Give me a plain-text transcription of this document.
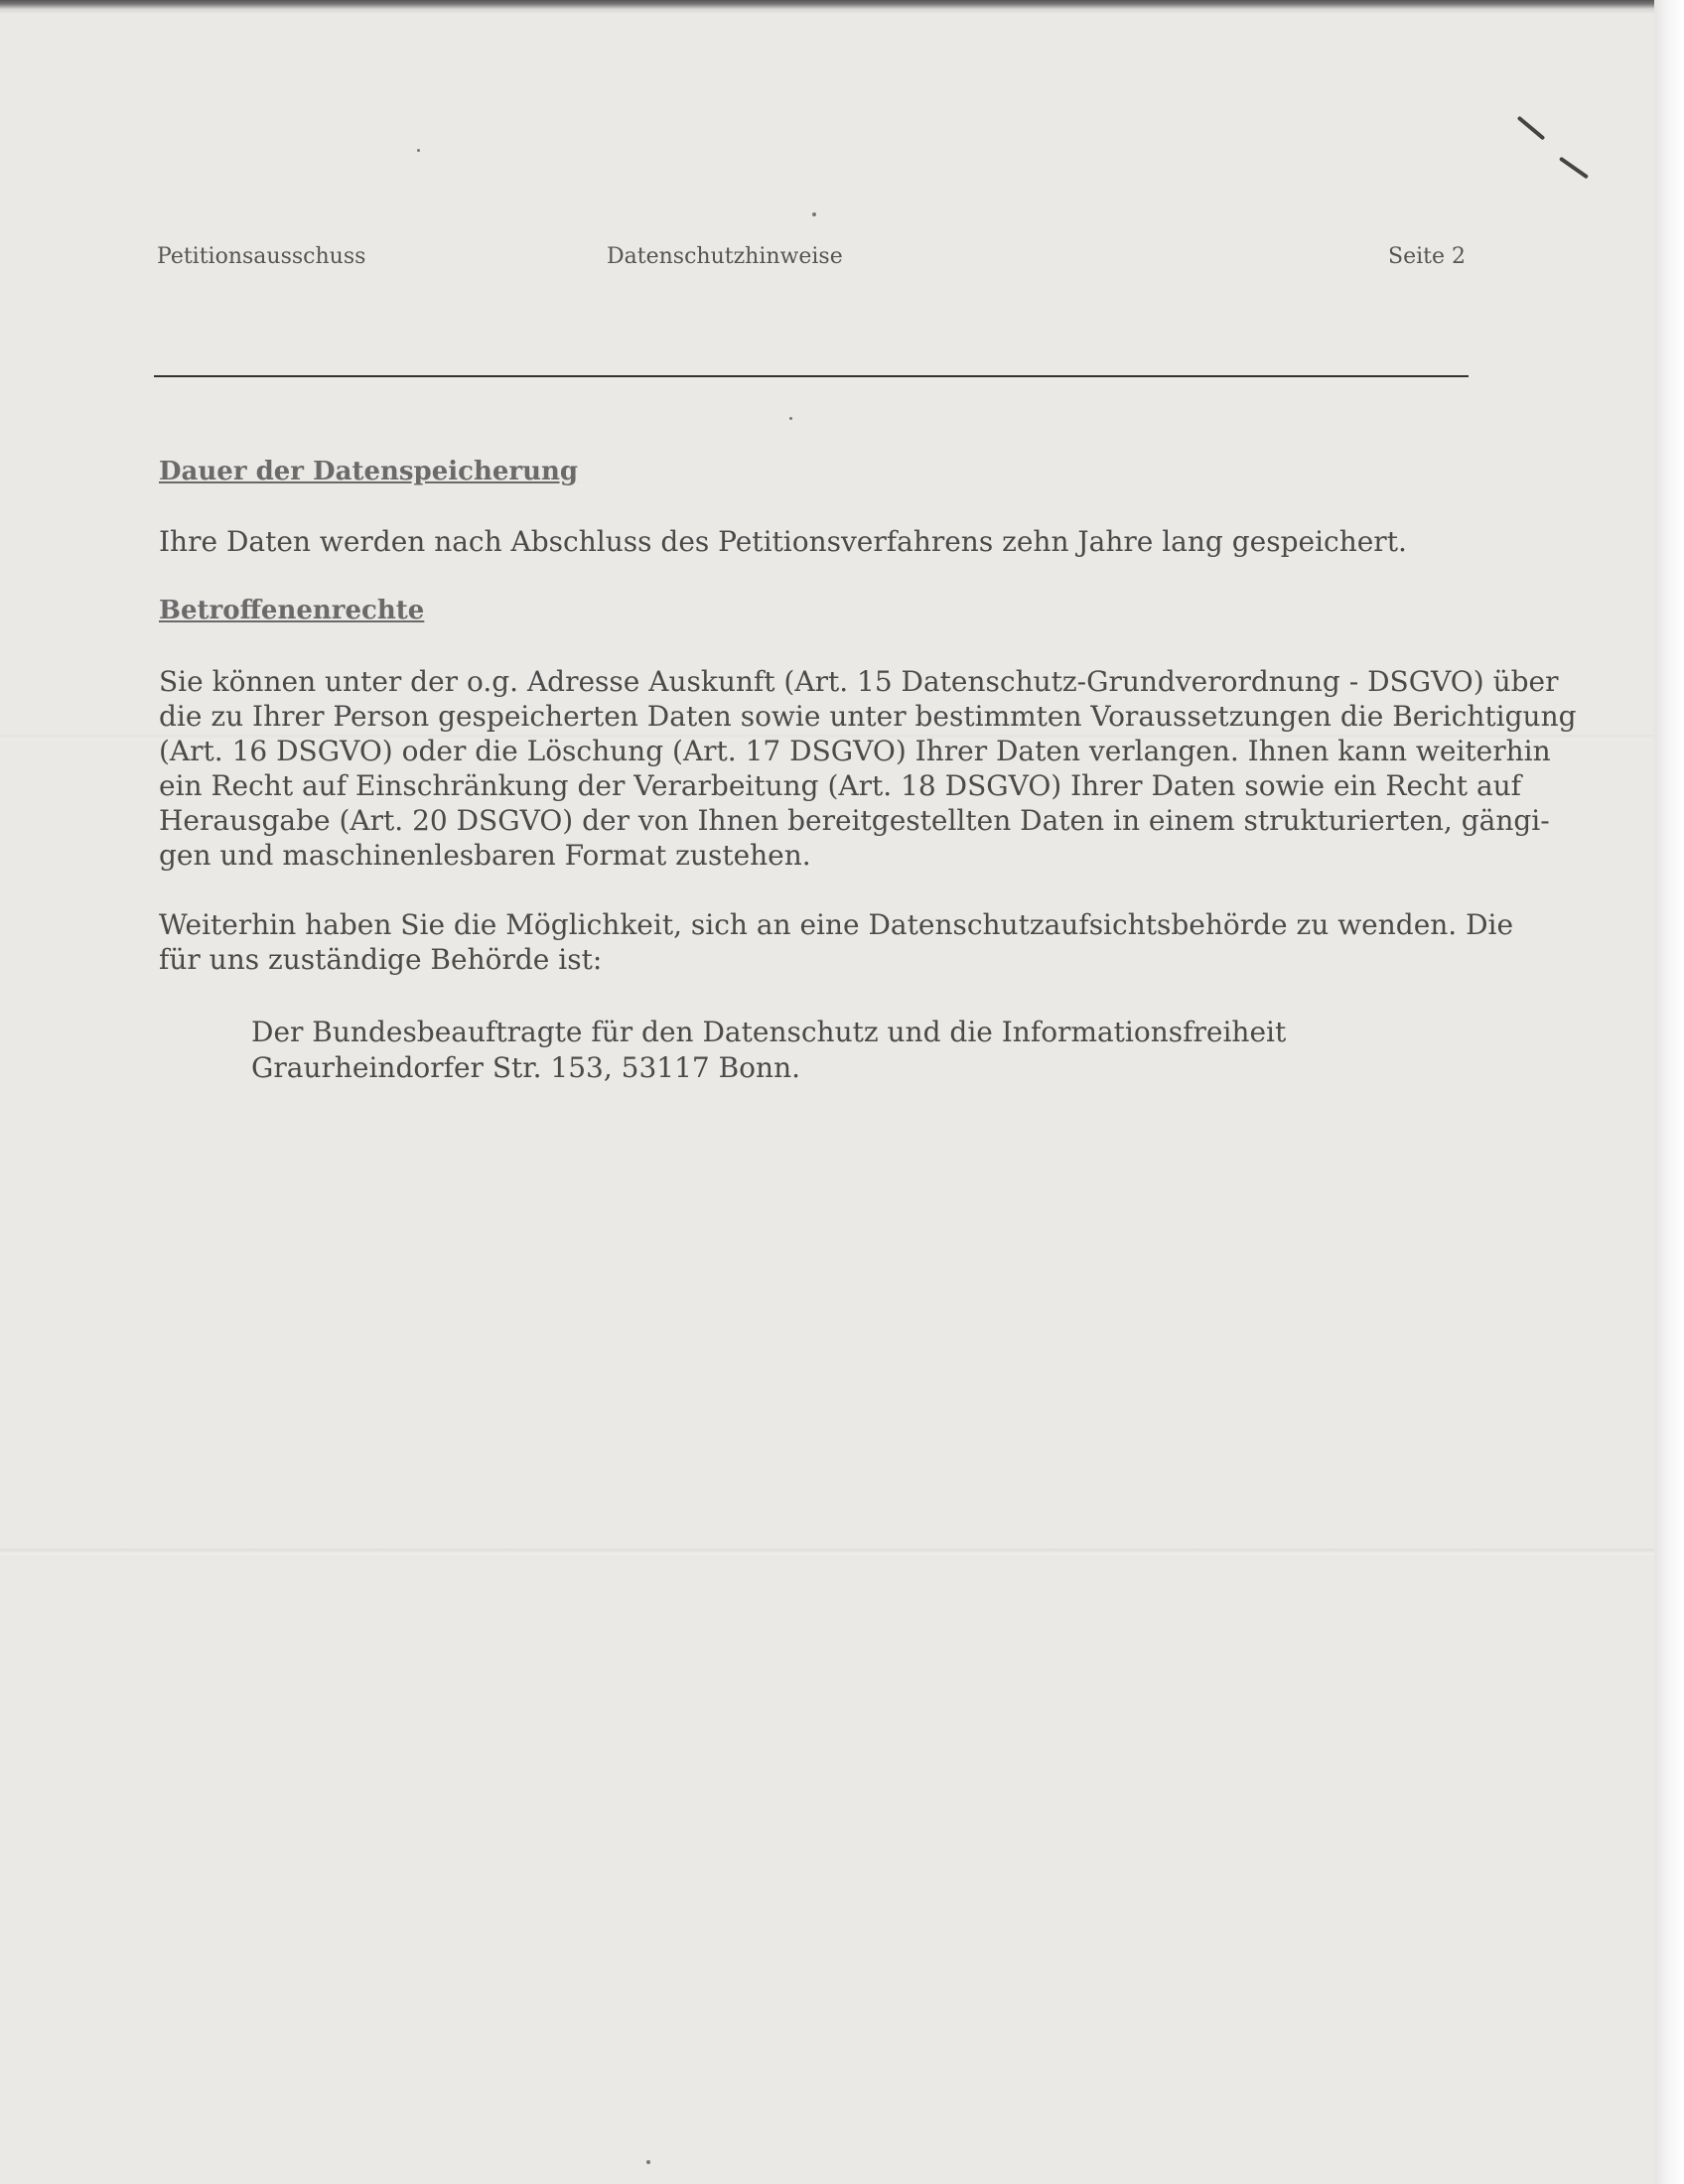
Petitionsausschuss	Datenschutzhinweise	Seite 2
Dauer der Datenspeicherung
Ihre Daten werden nach Abschluss des Petitionsverfahrens zehn Jahre lang gespeichert.
Betroffenenrechte
Sie können unter der o.g. Adresse Auskunft (Art. 15 Datenschutz-Grundverordnung - DSGVO) über
die zu Ihrer Person gespeicherten Daten sowie unter bestimmten Voraussetzungen die Berichtigung
(Art. 16 DSGVO) oder die Löschung (Art. 17 DSGVO) Ihrer Daten verlangen. Ihnen kann weiterhin
ein Recht auf Einschränkung der Verarbeitung (Art. 18 DSGVO) Ihrer Daten sowie ein Recht auf
Herausgabe (Art. 20 DSGVO) der von Ihnen bereitgestellten Daten in einem strukturierten, gängi-
gen und maschinenlesbaren Format zustehen.
Weiterhin haben Sie die Möglichkeit, sich an eine Datenschutzaufsichtsbehörde zu wenden. Die
für uns zuständige Behörde ist:
Der Bundesbeauftragte für den Datenschutz und die Informationsfreiheit
Graurheindorfer Str. 153, 53117 Bonn.
